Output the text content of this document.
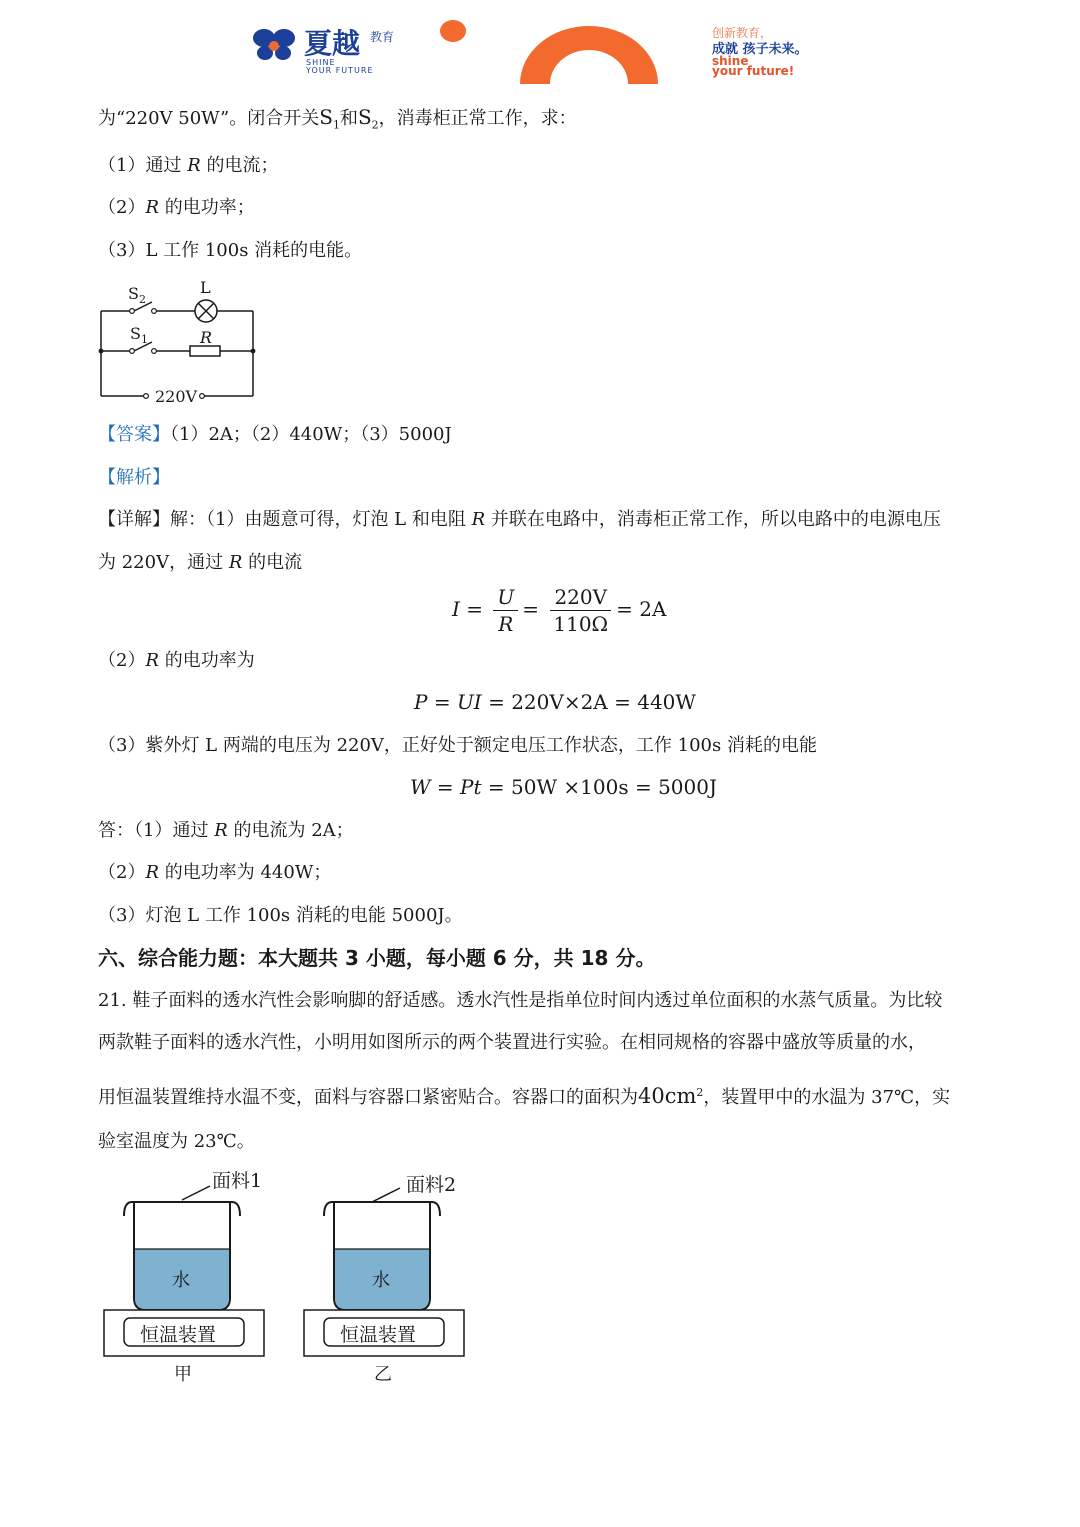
夏越 教育
SHINE
YOUR FUTURE
创新教育，
成就 孩子未来。
shine
your future!
为“220V 50W”。闭合开关$S_1$和$S_2$，消毒柜正常工作，求：
（1）通过 R 的电流；
（2）R 的电功率；
（3）L 工作 100s 消耗的电能。
$S_2$
L
$S_1$	R
220V
【答案】（1）2A；（2）440W；（3）5000J
【解析】
【详解】解：（1）由题意可得，灯泡 L 和电阻 R 并联在电路中，消毒柜正常工作，所以电路中的电源电压
为 220V，通过 R 的电流
$I = \frac{U}{R} = \frac{220V}{110\Omega} = 2A$
（2）R 的电功率为
P = UI = 220V×2A = 440W
（3）紫外灯 L 两端的电压为 220V，正好处于额定电压工作状态，工作 100s 消耗的电能
W = Pt = 50W ×100s = 5000J
答：（1）通过 R 的电流为 2A；
（2）R 的电功率为 440W；
（3）灯泡 L 工作 100s 消耗的电能 5000J。
六、综合能力题：本大题共 3 小题，每小题 6 分，共 18 分。
21. 鞋子面料的透水汽性会影响脚的舒适感。透水汽性是指单位时间内透过单位面积的水蒸气质量。为比较
两款鞋子面料的透水汽性，小明用如图所示的两个装置进行实验。在相同规格的容器中盛放等质量的水，
用恒温装置维持水温不变，面料与容器口紧密贴合。容器口的面积为$40cm^2$，装置甲中的水温为 37℃，实
验室温度为 23℃。
面料1
水
恒温装置
甲
面料2
水
恒温装置
乙
